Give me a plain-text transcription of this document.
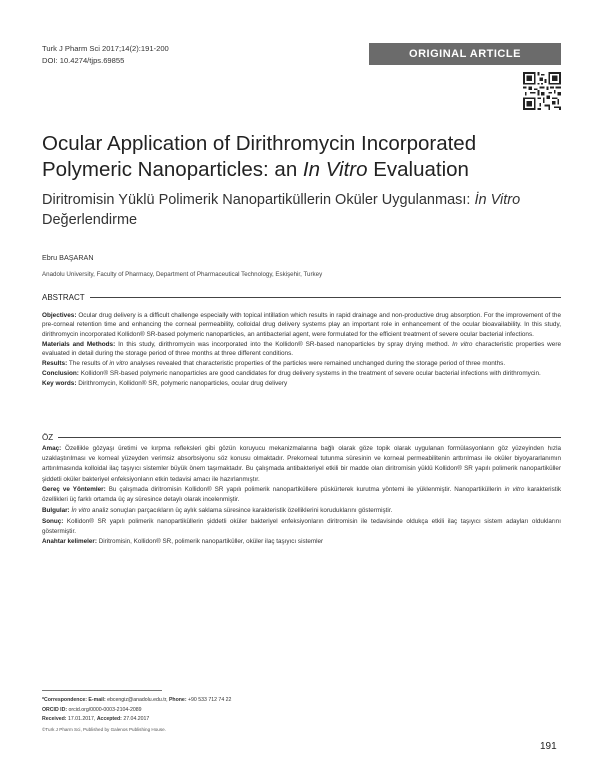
Turk J Pharm Sci 2017;14(2):191-200
DOI: 10.4274/tjps.69855	ORIGINAL ARTICLE
Ocular Application of Dirithromycin Incorporated
Polymeric Nanoparticles: an In Vitro Evaluation
Diritromisin Yüklü Polimerik Nanopartiküllerin Oküler Uygulanması: İn Vitro Değerlendirme
Ebru BAŞARAN
Anadolu University, Faculty of Pharmacy, Department of Pharmaceutical Technology, Eskişehir, Turkey
ABSTRACT

Objectives: Ocular drug delivery is a difficult challenge especially with topical intillation which results in rapid drainage and non-productive drug absorption. For the improvement of the pre-corneal retention time and enhancing the corneal permeability, colloidal drug delivery systems play an important role in enhancement of the ocular bioavailability. In this study, dirithromycin incorporated Kollidon® SR-based polymeric nanoparticles, an antibacterial agent, were formulated for the efficient treatment of severe ocular bacterial infections.

Materials and Methods: In this study, dirithromycin was incorporated into the Kollidon® SR-based nanoparticles by spray drying method. In vitro characteristic properties were evaluated in detail during the storage period of three months at three different conditions.

Results: The results of in vitro analyses revealed that characteristic properties of the particles were remained unchanged during the storage period of three months.

Conclusion: Kollidon® SR-based polymeric nanoparticles are good candidates for drug delivery systems in the treatment of severe ocular bacterial infections with dirithromycin.

Key words: Dirithromycin, Kollidon® SR, polymeric nanoparticles, ocular drug delivery

ÖZ

Amaç: Özellikle gözyaşı üretimi ve kırpma refleksleri gibi gözün koruyucu mekanizmalarına bağlı olarak göze topik olarak uygulanan formülasyonların göz yüzeyinden hızla uzaklaştırılması ve korneal yüzeyden verimsiz absorbsiyonu söz konusu olmaktadır. Prekorneal tutunma süresinin ve korneal permeabilitenin arttırılması ile oküler biyoyararlanımın arttırılmasında kolloidal ilaç taşıyıcı sistemler büyük önem taşımaktadır. Bu çalışmada antibakteriyel etkili bir madde olan diritromisin yüklü Kollidon® SR yapılı polimerik nanopartiküller şiddetli oküler bakteriyel enfeksiyonların etkin tedavisi amacı ile hazırlanmıştır.

Gereç ve Yöntemler: Bu çalışmada diritromisin Kollidon® SR yapılı polimerik nanopartiküllere püskürterek kurutma yöntemi ile yüklenmiştir. Nanopartiküllerin in vitro karakteristik özellikleri üç farklı ortamda üç ay süresince detaylı olarak incelenmiştir.

Bulgular: İn vitro analiz sonuçları parçacıkların üç aylık saklama süresince karakteristik özelliklerini koruduklarını göstermiştir.

Sonuç: Kollidon® SR yapılı polimerik nanopartiküllerin şiddetli oküler bakteriyel enfeksiyonların diritromisin ile tedavisinde oldukça etkili ilaç taşıyıcı sistem adayları olduklarını göstermiştir.

Anahtar kelimeler: Diritromisin, Kollidon® SR, polimerik nanopartiküller, oküler ilaç taşıyıcı sistemler

*Correspondence: E-mail: ebcengiz@anadolu.edu.tr, Phone: +90 533 712 74 22
ORCID ID: orcid.org/0000-0003-2104-2089
Received: 17.01.2017, Accepted: 27.04.2017
©Turk J Pharm Sci, Published by Galenos Publishing House.
191
